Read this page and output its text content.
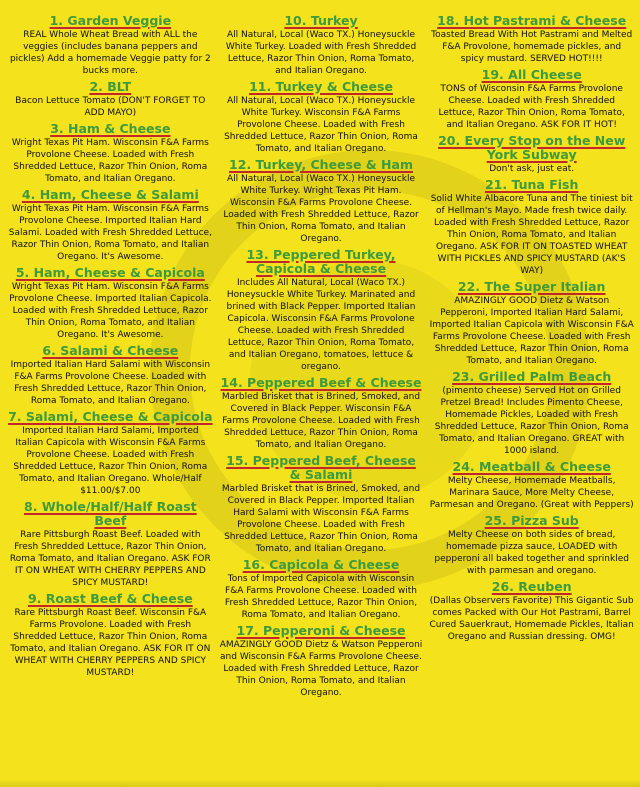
1. Garden Veggie
REAL Whole Wheat Bread with ALL the veggies (includes banana peppers and pickles) Add a homemade Veggie patty for 2 bucks more.
2. BLT
Bacon Lettuce Tomato (DON'T FORGET TO ADD MAYO)
3. Ham & Cheese
Wright Texas Pit Ham. Wisconsin F&A Farms Provolone Cheese. Loaded with Fresh Shredded Lettuce, Razor Thin Onion, Roma Tomato, and Italian Oregano.
4. Ham, Cheese & Salami
Wright Texas Pit Ham. Wisconsin F&A Farms Provolone Cheese. Imported Italian Hard Salami. Loaded with Fresh Shredded Lettuce, Razor Thin Onion, Roma Tomato, and Italian Oregano. It's Awesome.
5. Ham, Cheese & Capicola
Wright Texas Pit Ham. Wisconsin F&A Farms Provolone Cheese. Imported Italian Capicola. Loaded with Fresh Shredded Lettuce, Razor Thin Onion, Roma Tomato, and Italian Oregano. It's Awesome.
6. Salami & Cheese
Imported Italian Hard Salami with Wisconsin F&A Farms Provolone Cheese. Loaded with Fresh Shredded Lettuce, Razor Thin Onion, Roma Tomato, and Italian Oregano.
7. Salami, Cheese & Capicola
Imported Italian Hard Salami, Imported Italian Capicola with Wisconsin F&A Farms Provolone Cheese. Loaded with Fresh Shredded Lettuce, Razor Thin Onion, Roma Tomato, and Italian Oregano. Whole/Half $11.00/$7.00
8. Whole/Half/Half Roast Beef
Rare Pittsburgh Roast Beef. Loaded with Fresh Shredded Lettuce, Razor Thin Onion, Roma Tomato, and Italian Oregano. ASK FOR IT ON WHEAT WITH CHERRY PEPPERS AND SPICY MUSTARD!
9. Roast Beef & Cheese
Rare Pittsburgh Roast Beef. Wisconsin F&A Farms Provolone. Loaded with Fresh Shredded Lettuce, Razor Thin Onion, Roma Tomato, and Italian Oregano. ASK FOR IT ON WHEAT WITH CHERRY PEPPERS AND SPICY MUSTARD!
10. Turkey
All Natural, Local (Waco TX.) Honeysuckle White Turkey. Loaded with Fresh Shredded Lettuce, Razor Thin Onion, Roma Tomato, and Italian Oregano.
11. Turkey & Cheese
All Natural, Local (Waco TX.) Honeysuckle White Turkey. Wisconsin F&A Farms Provolone Cheese. Loaded with Fresh Shredded Lettuce, Razor Thin Onion, Roma Tomato, and Italian Oregano.
12. Turkey, Cheese & Ham
All Natural, Local (Waco TX.) Honeysuckle White Turkey. Wright Texas Pit Ham. Wisconsin F&A Farms Provolone Cheese. Loaded with Fresh Shredded Lettuce, Razor Thin Onion, Roma Tomato, and Italian Oregano.
13. Peppered Turkey, Capicola & Cheese
Includes All Natural, Local (Waco TX.) Honeysuckle White Turkey. Marinated and brined with Black Pepper. Imported Italian Capicola. Wisconsin F&A Farms Provolone Cheese. Loaded with Fresh Shredded Lettuce, Razor Thin Onion, Roma Tomato, and Italian Oregano, tomatoes, lettuce & oregano.
14. Peppered Beef & Cheese
Marbled Brisket that is Brined, Smoked, and Covered in Black Pepper. Wisconsin F&A Farms Provolone Cheese. Loaded with Fresh Shredded Lettuce, Razor Thin Onion, Roma Tomato, and Italian Oregano.
15. Peppered Beef, Cheese & Salami
Marbled Brisket that is Brined, Smoked, and Covered in Black Pepper. Imported Italian Hard Salami with Wisconsin F&A Farms Provolone Cheese. Loaded with Fresh Shredded Lettuce, Razor Thin Onion, Roma Tomato, and Italian Oregano.
16. Capicola & Cheese
Tons of Imported Capicola with Wisconsin F&A Farms Provolone Cheese. Loaded with Fresh Shredded Lettuce, Razor Thin Onion, Roma Tomato, and Italian Oregano.
17. Pepperoni & Cheese
AMAZINGLY GOOD Dietz & Watson Pepperoni and Wisconsin F&A Farms Provolone Cheese. Loaded with Fresh Shredded Lettuce, Razor Thin Onion, Roma Tomato, and Italian Oregano.
18. Hot Pastrami & Cheese
Toasted Bread With Hot Pastrami and Melted F&A Provolone, homemade pickles, and spicy mustard. SERVED HOT!!!!
19. All Cheese
TONS of Wisconsin F&A Farms Provolone Cheese. Loaded with Fresh Shredded Lettuce, Razor Thin Onion, Roma Tomato, and Italian Oregano. ASK FOR IT HOT!
20. Every Stop on the New York Subway
Don't ask, just eat.
21. Tuna Fish
Solid White Albacore Tuna and The tiniest bit of Hellman's Mayo. Made fresh twice daily. Loaded with Fresh Shredded Lettuce, Razor Thin Onion, Roma Tomato, and Italian Oregano. ASK FOR IT ON TOASTED WHEAT WITH PICKLES AND SPICY MUSTARD (AK'S WAY)
22. The Super Italian
AMAZINGLY GOOD Dietz & Watson Pepperoni, Imported Italian Hard Salami, Imported Italian Capicola with Wisconsin F&A Farms Provolone Cheese. Loaded with Fresh Shredded Lettuce, Razor Thin Onion, Roma Tomato, and Italian Oregano.
23. Grilled Palm Beach
(pimento cheese) Served Hot on Grilled Pretzel Bread! Includes Pimento Cheese, Homemade Pickles, Loaded with Fresh Shredded Lettuce, Razor Thin Onion, Roma Tomato, and Italian Oregano. GREAT with 1000 island.
24. Meatball & Cheese
Melty Cheese, Homemade Meatballs, Marinara Sauce, More Melty Cheese, Parmesan and Oregano. (Great with Peppers)
25. Pizza Sub
Melty Cheese on both sides of bread, homemade pizza sauce, LOADED with pepperoni all baked together and sprinkled with parmesan and oregano.
26. Reuben
(Dallas Observers Favorite) This Gigantic Sub comes Packed with Our Hot Pastrami, Barrel Cured Sauerkraut, Homemade Pickles, Italian Oregano and Russian dressing. OMG!
